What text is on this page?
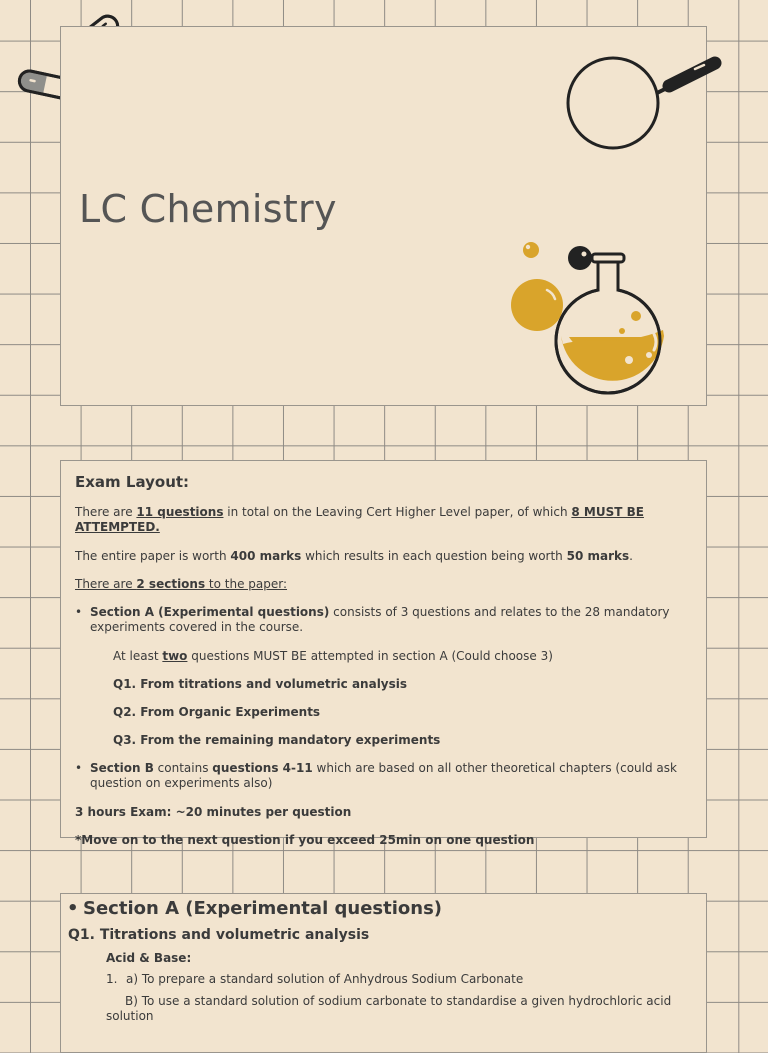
LC Chemistry
Exam Layout:

There are 11 questions in total on the Leaving Cert Higher Level paper, of which 8 MUST BE ATTEMPTED.

The entire paper is worth 400 marks which results in each question being worth 50 marks.

There are 2 sections to the paper:

• Section A (Experimental questions) consists of 3 questions and relates to the 28 mandatory experiments covered in the course.
At least two questions MUST BE attempted in section A (Could choose 3)
Q1. From titrations and volumetric analysis
Q2. From Organic Experiments
Q3. From the remaining mandatory experiments
• Section B contains questions 4-11 which are based on all other theoretical chapters (could ask question on experiments also)
3 hours Exam: ~20 minutes per question
*Move on to the next question if you exceed 25min on one question
• Section A (Experimental questions)
Q1. Titrations and volumetric analysis
Acid & Base:
1. a) To prepare a standard solution of Anhydrous Sodium Carbonate
B) To use a standard solution of sodium carbonate to standardise a given hydrochloric acid solution
